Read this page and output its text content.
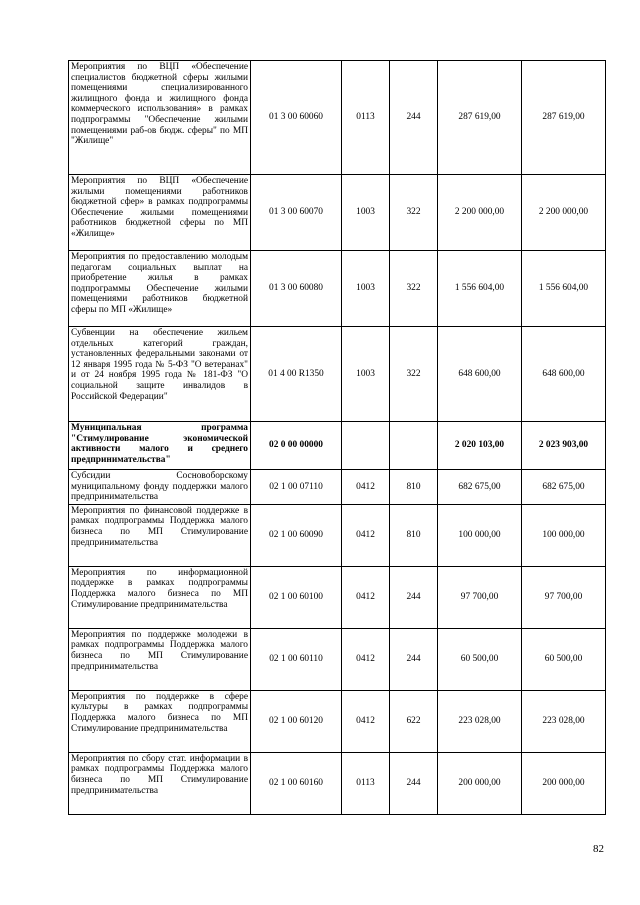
Мероприятия по ВЦП «Обеспечение специалистов бюджетной сферы жилыми помещениями специализированного жилищного фонда и жилищного фонда коммерческого использования» в рамках подпрограммы "Обеспечение жилыми помещениями раб-ов бюдж. сферы" по МП "Жилище"	01 3 00 60060	0113	244	287 619,00	287 619,00
Мероприятия по ВЦП «Обеспечение жилыми помещениями работников бюджетной сфер» в рамках подпрограммы Обеспечение жилыми помещениями работников бюджетной сферы по МП «Жилище»	01 3 00 60070	1003	322	2 200 000,00	2 200 000,00
Мероприятия по предоставлению молодым педагогам социальных выплат на приобретение жилья в рамках подпрограммы Обеспечение жилыми помещениями работников бюджетной сферы по МП «Жилище»	01 3 00 60080	1003	322	1 556 604,00	1 556 604,00
Субвенции на обеспечение жильем отдельных категорий граждан, установленных федеральными законами от 12 января 1995 года № 5-ФЗ "О ветеранах" и от 24 ноября 1995 года № 181-ФЗ "О социальной защите инвалидов в Российской Федерации"	01 4 00 R1350	1003	322	648 600,00	648 600,00
Муниципальная программа "Стимулирование экономической активности малого и среднего предпринимательства"	02 0 00 00000			2 020 103,00	2 023 903,00
Субсидии Сосновоборскому муниципальному фонду поддержки малого предпринимательства	02 1 00 07110	0412	810	682 675,00	682 675,00
Мероприятия по финансовой поддержке в рамках подпрограммы Поддержка малого бизнеса по МП Стимулирование предпринимательства	02 1 00 60090	0412	810	100 000,00	100 000,00
Мероприятия по информационной поддержке в рамках подпрограммы Поддержка малого бизнеса по МП Стимулирование предпринимательства	02 1 00 60100	0412	244	97 700,00	97 700,00
Мероприятия по поддержке молодежи в рамках подпрограммы Поддержка малого бизнеса по МП Стимулирование предпринимательства	02 1 00 60110	0412	244	60 500,00	60 500,00
Мероприятия по поддержке в сфере культуры в рамках подпрограммы Поддержка малого бизнеса по МП Стимулирование предпринимательства	02 1 00 60120	0412	622	223 028,00	223 028,00
Мероприятия по сбору стат. информации в рамках подпрограммы Поддержка малого бизнеса по МП Стимулирование предпринимательства	02 1 00 60160	0113	244	200 000,00	200 000,00
82
